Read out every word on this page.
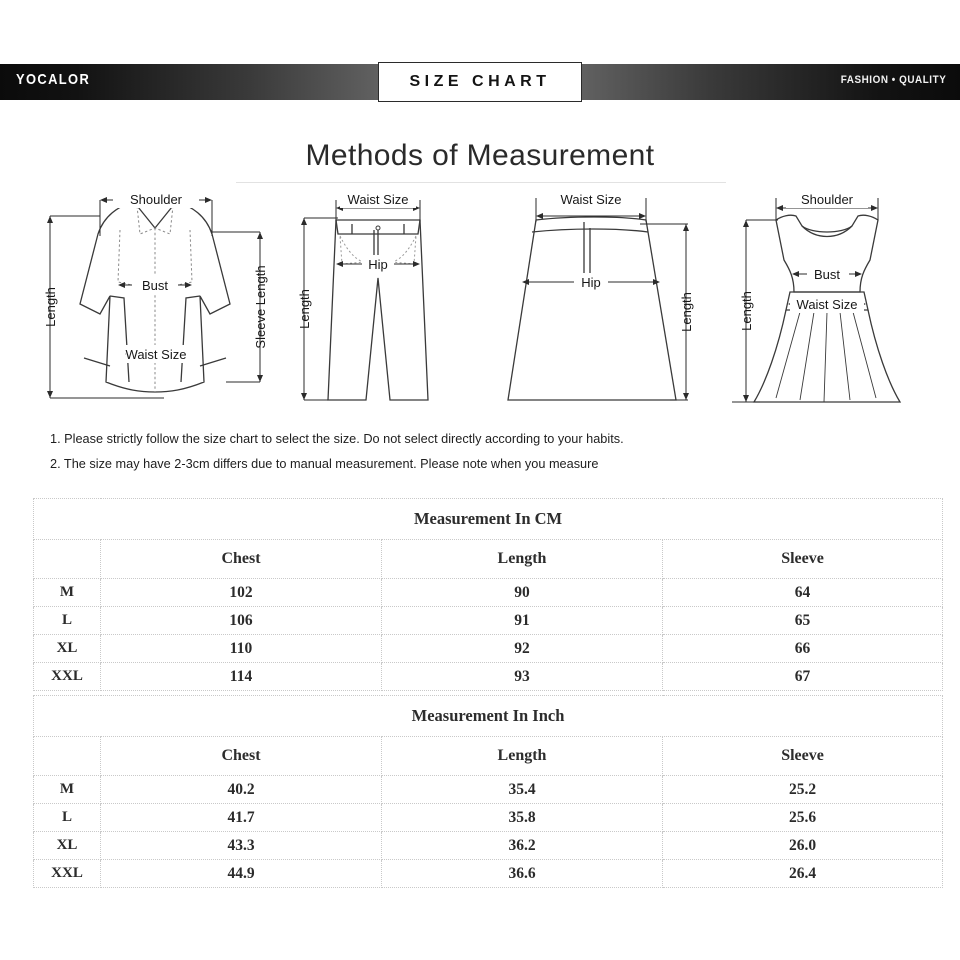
YOCALOR	FASHION • QUALITY
SIZE CHART
Methods of Measurement
Shoulder
Bust
Waist Size
Length	Sleeve Length
Waist Size
Hip
Length
Waist Size
Hip
Length
Shoulder
Bust
Waist Size
Length
1. Please strictly follow the size chart to select the size. Do not select directly according to your habits.
2. The size may have 2-3cm differs due to manual measurement. Please note when you measure
Measurement In CM			
	Chest	Length	Sleeve
M	102	90	64
L	106	91	65
XL	110	92	66
XXL	114	93	67
Measurement In Inch			
	Chest	Length	Sleeve
M	40.2	35.4	25.2
L	41.7	35.8	25.6
XL	43.3	36.2	26.0
XXL	44.9	36.6	26.4
